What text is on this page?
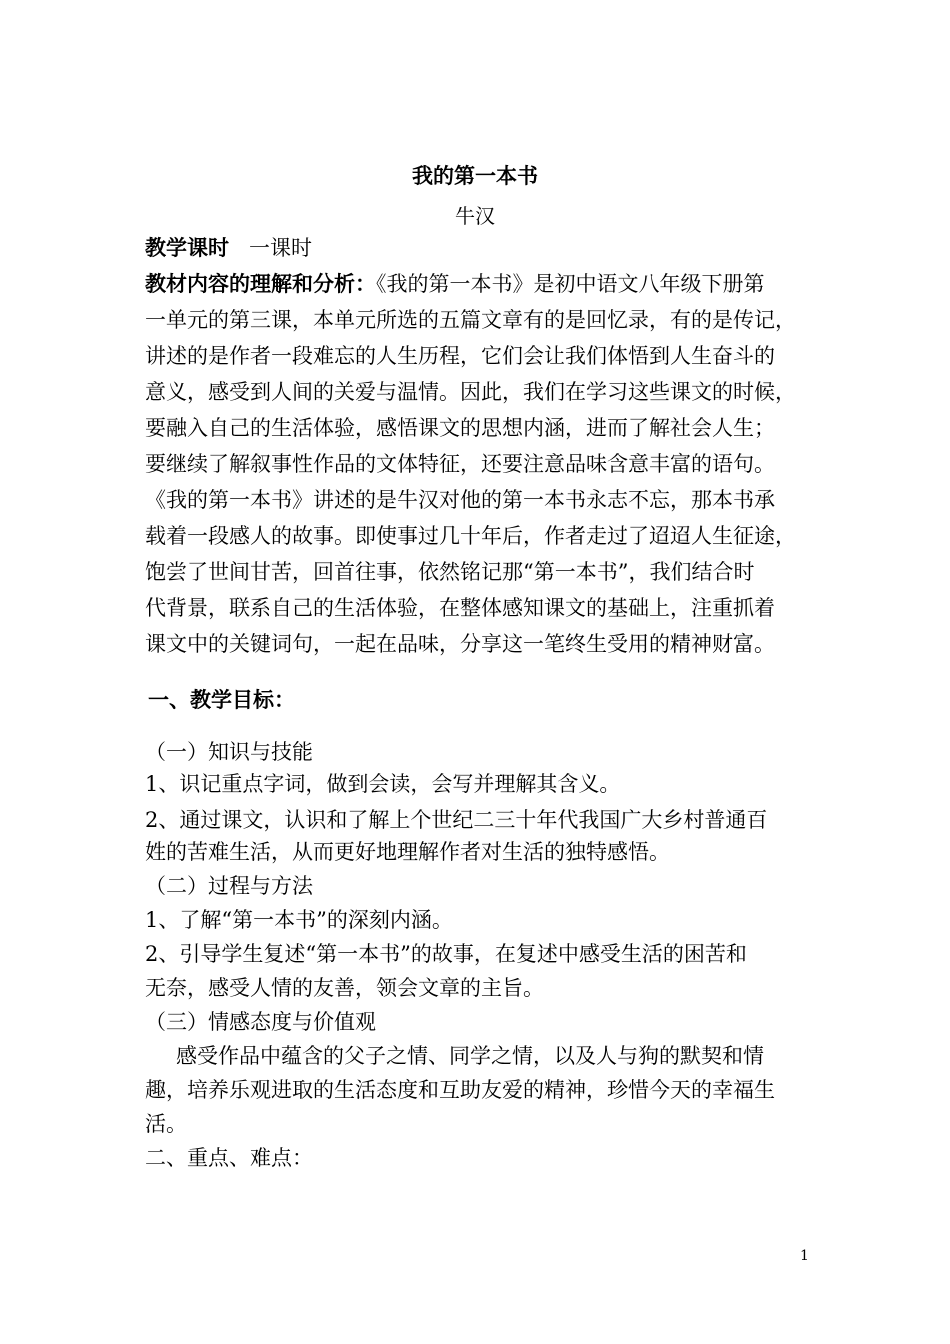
我的第一本书
牛汉
教学课时 一课时
教材内容的理解和分析：《我的第一本书》是初中语文八年级下册第
一单元的第三课，本单元所选的五篇文章有的是回忆录，有的是传记，
讲述的是作者一段难忘的人生历程，它们会让我们体悟到人生奋斗的
意义，感受到人间的关爱与温情。因此，我们在学习这些课文的时候，
要融入自己的生活体验，感悟课文的思想内涵，进而了解社会人生；
要继续了解叙事性作品的文体特征，还要注意品味含意丰富的语句。
《我的第一本书》讲述的是牛汉对他的第一本书永志不忘，那本书承
载着一段感人的故事。即使事过几十年后，作者走过了迢迢人生征途，
饱尝了世间甘苦，回首往事，依然铭记那“第一本书”，我们结合时
代背景，联系自己的生活体验，在整体感知课文的基础上，注重抓着
课文中的关键词句，一起在品味，分享这一笔终生受用的精神财富。
一、教学目标：
（一）知识与技能
1、识记重点字词，做到会读，会写并理解其含义。
2、通过课文，认识和了解上个世纪二三十年代我国广大乡村普通百
姓的苦难生活，从而更好地理解作者对生活的独特感悟。
（二）过程与方法
1、了解“第一本书”的深刻内涵。
2、引导学生复述“第一本书”的故事，在复述中感受生活的困苦和
无奈，感受人情的友善，领会文章的主旨。
（三）情感态度与价值观
感受作品中蕴含的父子之情、同学之情，以及人与狗的默契和情
趣，培养乐观进取的生活态度和互助友爱的精神，珍惜今天的幸福生
活。
二、重点、难点：
1
